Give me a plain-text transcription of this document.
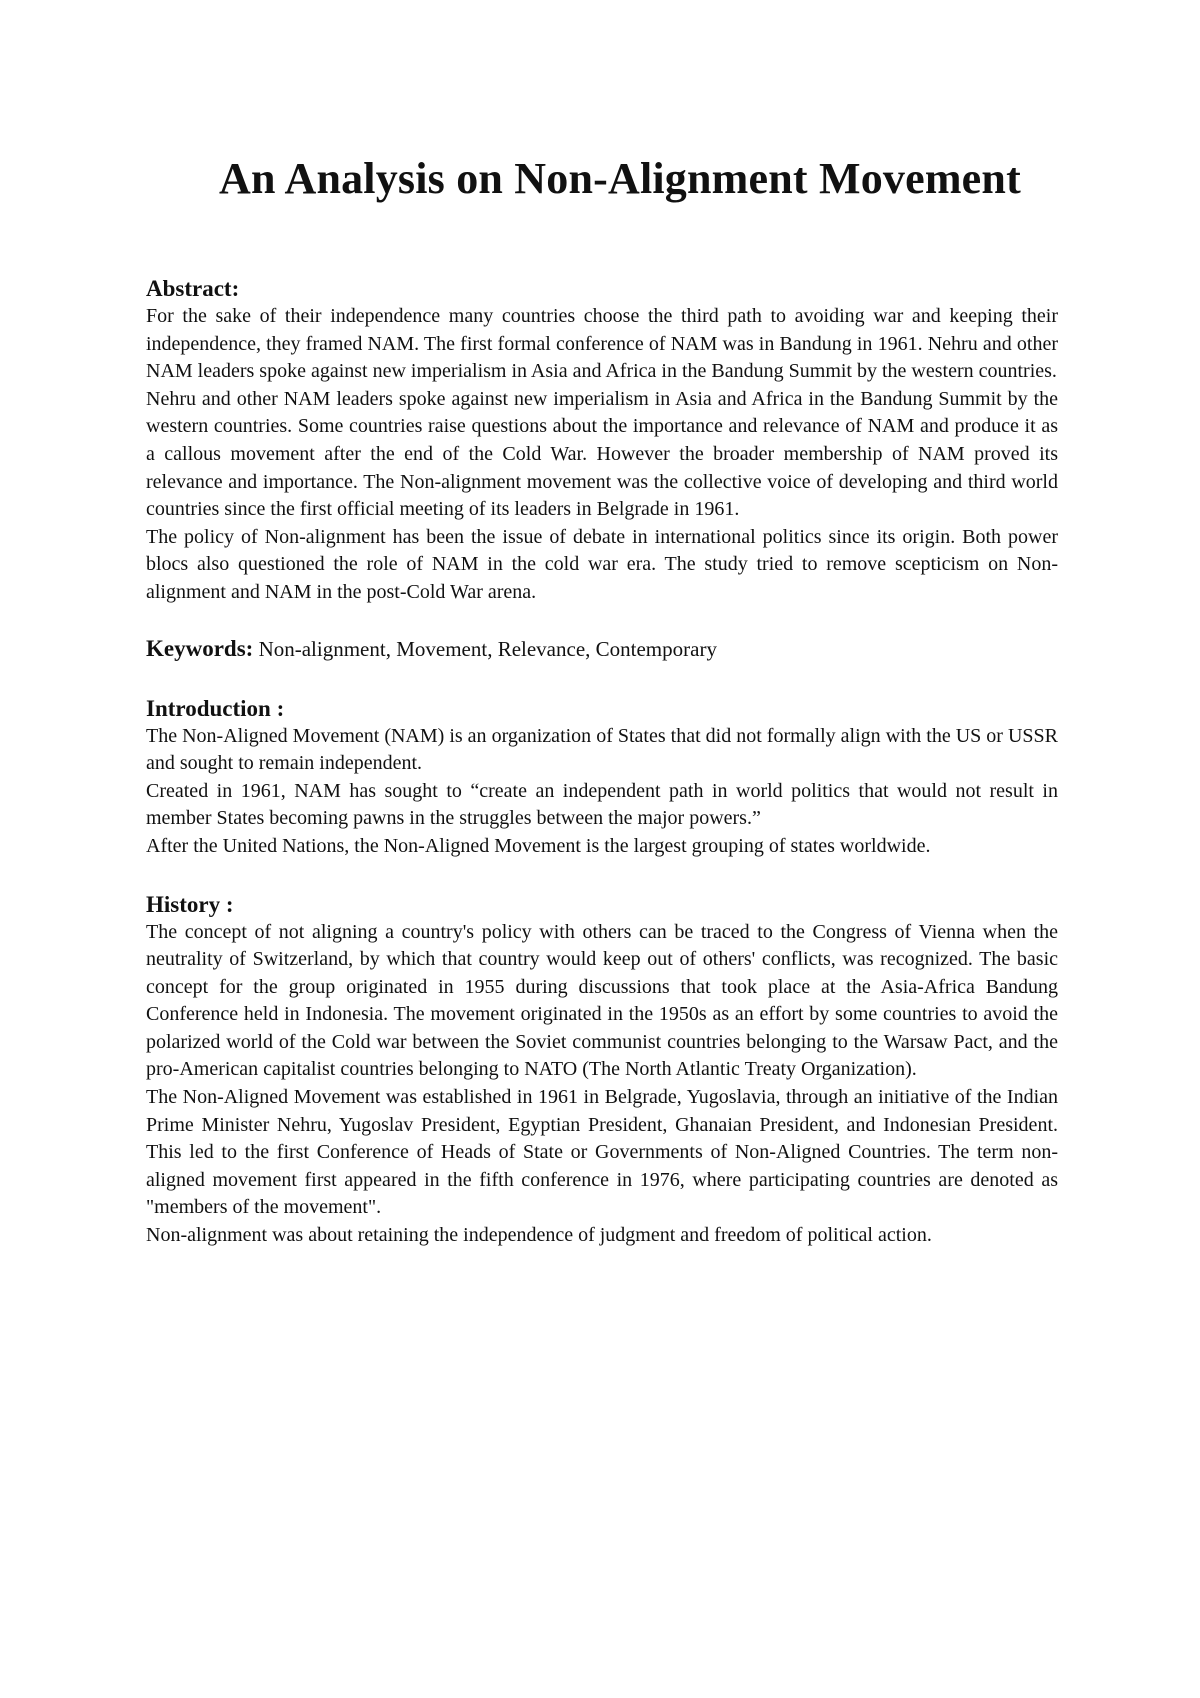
An Analysis on Non-Alignment Movement

Abstract:

For the sake of their independence many countries choose the third path to avoiding war and keeping their independence, they framed NAM. The first formal conference of NAM was in Bandung in 1961. Nehru and other NAM leaders spoke against new imperialism in Asia and Africa in the Bandung Summit by the western countries.

Nehru and other NAM leaders spoke against new imperialism in Asia and Africa in the Bandung Summit by the western countries. Some countries raise questions about the importance and relevance of NAM and produce it as a callous movement after the end of the Cold War. However the broader membership of NAM proved its relevance and importance. The Non-alignment movement was the collective voice of developing and third world countries since the first official meeting of its leaders in Belgrade in 1961.

The policy of Non-alignment has been the issue of debate in international politics since its origin. Both power blocs also questioned the role of NAM in the cold war era. The study tried to remove scepticism on Non-alignment and NAM in the post-Cold War arena.

Keywords: Non-alignment, Movement, Relevance, Contemporary

Introduction :

The Non-Aligned Movement (NAM) is an organization of States that did not formally align with the US or USSR and sought to remain independent.

Created in 1961, NAM has sought to “create an independent path in world politics that would not result in member States becoming pawns in the struggles between the major powers.”

After the United Nations, the Non-Aligned Movement is the largest grouping of states worldwide.

History :

The concept of not aligning a country's policy with others can be traced to the Congress of Vienna when the neutrality of Switzerland, by which that country would keep out of others' conflicts, was recognized. The basic concept for the group originated in 1955 during discussions that took place at the Asia-Africa Bandung Conference held in Indonesia. The movement originated in the 1950s as an effort by some countries to avoid the polarized world of the Cold war between the Soviet communist countries belonging to the Warsaw Pact, and the pro-American capitalist countries belonging to NATO (The North Atlantic Treaty Organization).

The Non-Aligned Movement was established in 1961 in Belgrade, Yugoslavia, through an initiative of the Indian Prime Minister Nehru, Yugoslav President, Egyptian President, Ghanaian President, and Indonesian President. This led to the first Conference of Heads of State or Governments of Non-Aligned Countries. The term non-aligned movement first appeared in the fifth conference in 1976, where participating countries are denoted as "members of the movement".

Non-alignment was about retaining the independence of judgment and freedom of political action.
